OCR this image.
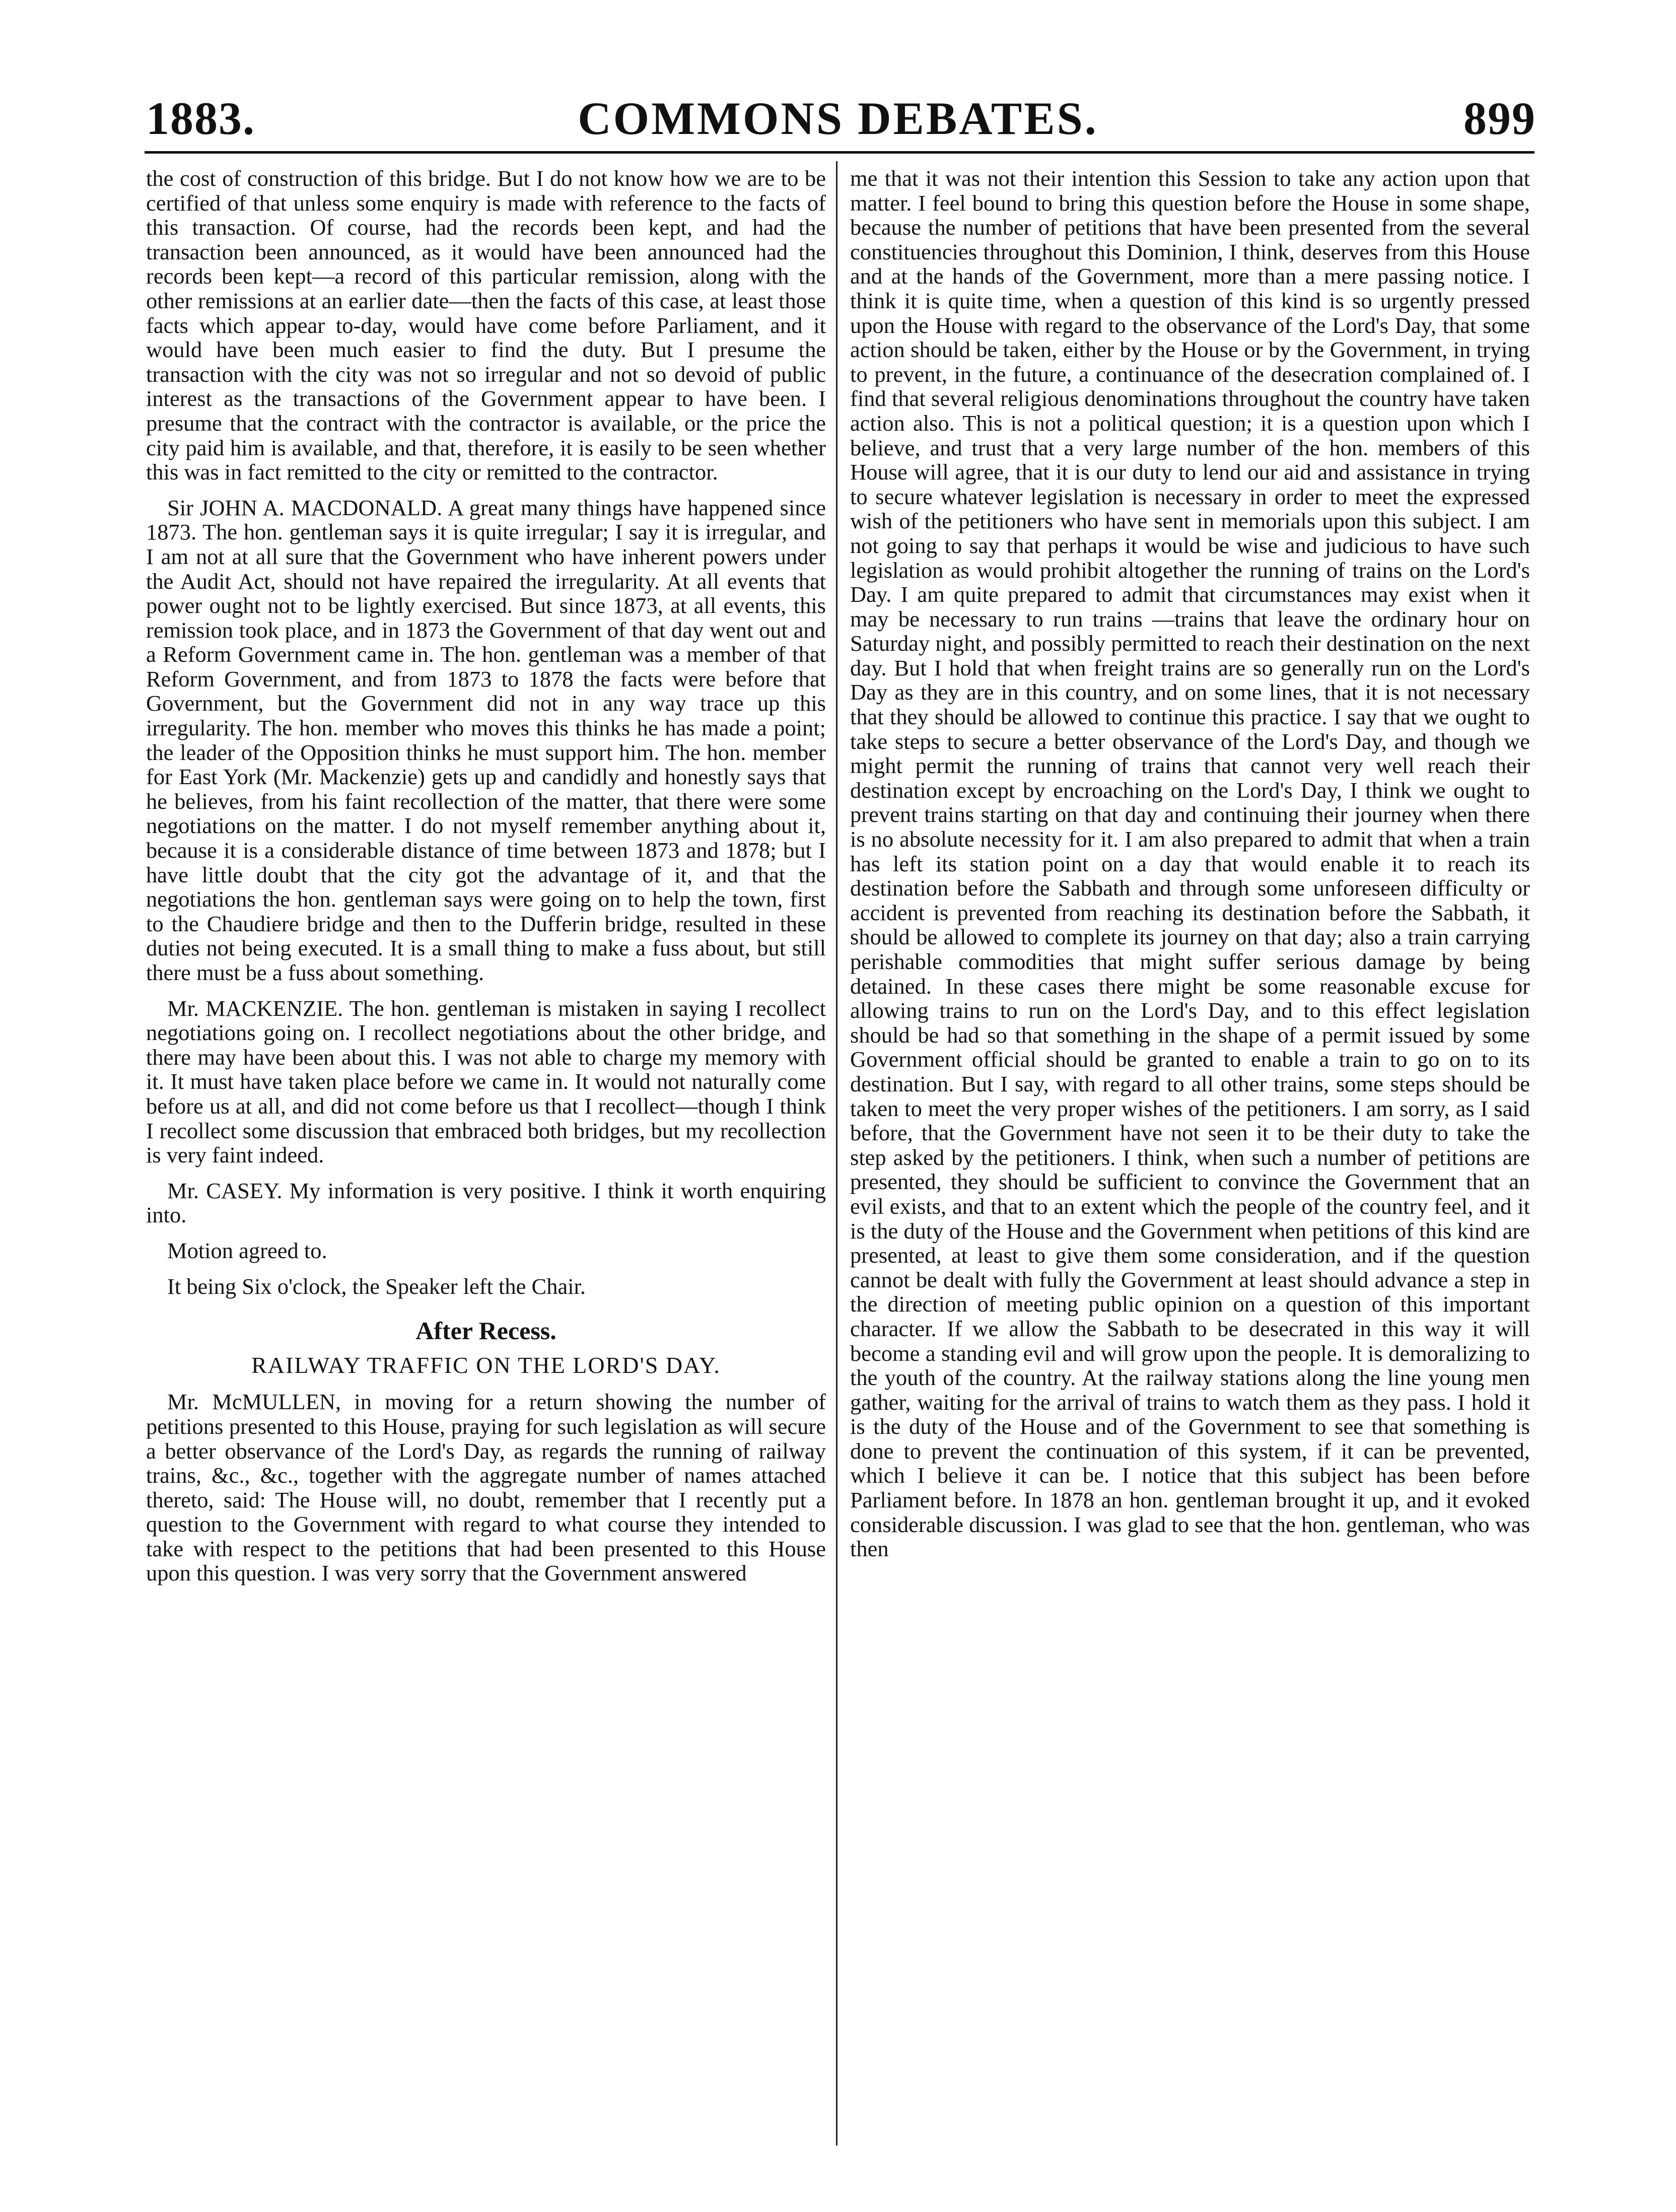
1883.	COMMONS DEBATES.	899

the cost of construction of this bridge. But I do not know how we are to be certified of that unless some enquiry is made with reference to the facts of this transaction. Of course, had the records been kept, and had the transaction been announced, as it would have been announced had the records been kept—a record of this particular remission, along with the other remissions at an earlier date—then the facts of this case, at least those facts which appear to-day, would have come before Parliament, and it would have been much easier to find the duty. But I presume the transaction with the city was not so irregular and not so devoid of public interest as the transactions of the Government appear to have been. I presume that the contract with the contractor is available, or the price the city paid him is available, and that, therefore, it is easily to be seen whether this was in fact remitted to the city or remitted to the contractor.

Sir JOHN A. MACDONALD. A great many things have happened since 1873. The hon. gentleman says it is quite irregular; I say it is irregular, and I am not at all sure that the Government who have inherent powers under the Audit Act, should not have repaired the irregularity. At all events that power ought not to be lightly exercised. But since 1873, at all events, this remission took place, and in 1873 the Government of that day went out and a Reform Government came in. The hon. gentleman was a member of that Reform Government, and from 1873 to 1878 the facts were before that Government, but the Government did not in any way trace up this irregularity. The hon. member who moves this thinks he has made a point; the leader of the Opposition thinks he must support him. The hon. member for East York (Mr. Mackenzie) gets up and candidly and honestly says that he believes, from his faint recollection of the matter, that there were some negotiations on the matter. I do not myself remember anything about it, because it is a considerable distance of time between 1873 and 1878; but I have little doubt that the city got the advantage of it, and that the negotiations the hon. gentleman says were going on to help the town, first to the Chaudiere bridge and then to the Dufferin bridge, resulted in these duties not being executed. It is a small thing to make a fuss about, but still there must be a fuss about something.

Mr. MACKENZIE. The hon. gentleman is mistaken in saying I recollect negotiations going on. I recollect negotiations about the other bridge, and there may have been about this. I was not able to charge my memory with it. It must have taken place before we came in. It would not naturally come before us at all, and did not come before us that I recollect—though I think I recollect some discussion that embraced both bridges, but my recollection is very faint indeed.

Mr. CASEY. My information is very positive. I think it worth enquiring into.

Motion agreed to.

It being Six o'clock, the Speaker left the Chair.

After Recess.
RAILWAY TRAFFIC ON THE LORD'S DAY.

Mr. McMULLEN, in moving for a return showing the number of petitions presented to this House, praying for such legislation as will secure a better observance of the Lord's Day, as regards the running of railway trains, &c., &c., together with the aggregate number of names attached thereto, said: The House will, no doubt, remember that I recently put a question to the Government with regard to what course they intended to take with respect to the petitions that had been presented to this House upon this question. I was very sorry that the Government answered

me that it was not their intention this Session to take any action upon that matter. I feel bound to bring this question before the House in some shape, because the number of petitions that have been presented from the several constituencies throughout this Dominion, I think, deserves from this House and at the hands of the Government, more than a mere passing notice. I think it is quite time, when a question of this kind is so urgently pressed upon the House with regard to the observance of the Lord's Day, that some action should be taken, either by the House or by the Government, in trying to prevent, in the future, a continuance of the desecration complained of. I find that several religious denominations throughout the country have taken action also. This is not a political question; it is a question upon which I believe, and trust that a very large number of the hon. members of this House will agree, that it is our duty to lend our aid and assistance in trying to secure whatever legislation is necessary in order to meet the expressed wish of the petitioners who have sent in memorials upon this subject. I am not going to say that perhaps it would be wise and judicious to have such legislation as would prohibit altogether the running of trains on the Lord's Day. I am quite prepared to admit that circumstances may exist when it may be necessary to run trains —trains that leave the ordinary hour on Saturday night, and possibly permitted to reach their destination on the next day. But I hold that when freight trains are so generally run on the Lord's Day as they are in this country, and on some lines, that it is not necessary that they should be allowed to continue this practice. I say that we ought to take steps to secure a better observance of the Lord's Day, and though we might permit the running of trains that cannot very well reach their destination except by encroaching on the Lord's Day, I think we ought to prevent trains starting on that day and continuing their journey when there is no absolute necessity for it. I am also prepared to admit that when a train has left its station point on a day that would enable it to reach its destination before the Sabbath and through some unforeseen difficulty or accident is prevented from reaching its destination before the Sabbath, it should be allowed to complete its journey on that day; also a train carrying perishable commodities that might suffer serious damage by being detained. In these cases there might be some reasonable excuse for allowing trains to run on the Lord's Day, and to this effect legislation should be had so that something in the shape of a permit issued by some Government official should be granted to enable a train to go on to its destination. But I say, with regard to all other trains, some steps should be taken to meet the very proper wishes of the petitioners. I am sorry, as I said before, that the Government have not seen it to be their duty to take the step asked by the petitioners. I think, when such a number of petitions are presented, they should be sufficient to convince the Government that an evil exists, and that to an extent which the people of the country feel, and it is the duty of the House and the Government when petitions of this kind are presented, at least to give them some consideration, and if the question cannot be dealt with fully the Government at least should advance a step in the direction of meeting public opinion on a question of this important character. If we allow the Sabbath to be desecrated in this way it will become a standing evil and will grow upon the people. It is demoralizing to the youth of the country. At the railway stations along the line young men gather, waiting for the arrival of trains to watch them as they pass. I hold it is the duty of the House and of the Government to see that something is done to prevent the continuation of this system, if it can be prevented, which I believe it can be. I notice that this subject has been before Parliament before. In 1878 an hon. gentleman brought it up, and it evoked considerable discussion. I was glad to see that the hon. gentleman, who was then
